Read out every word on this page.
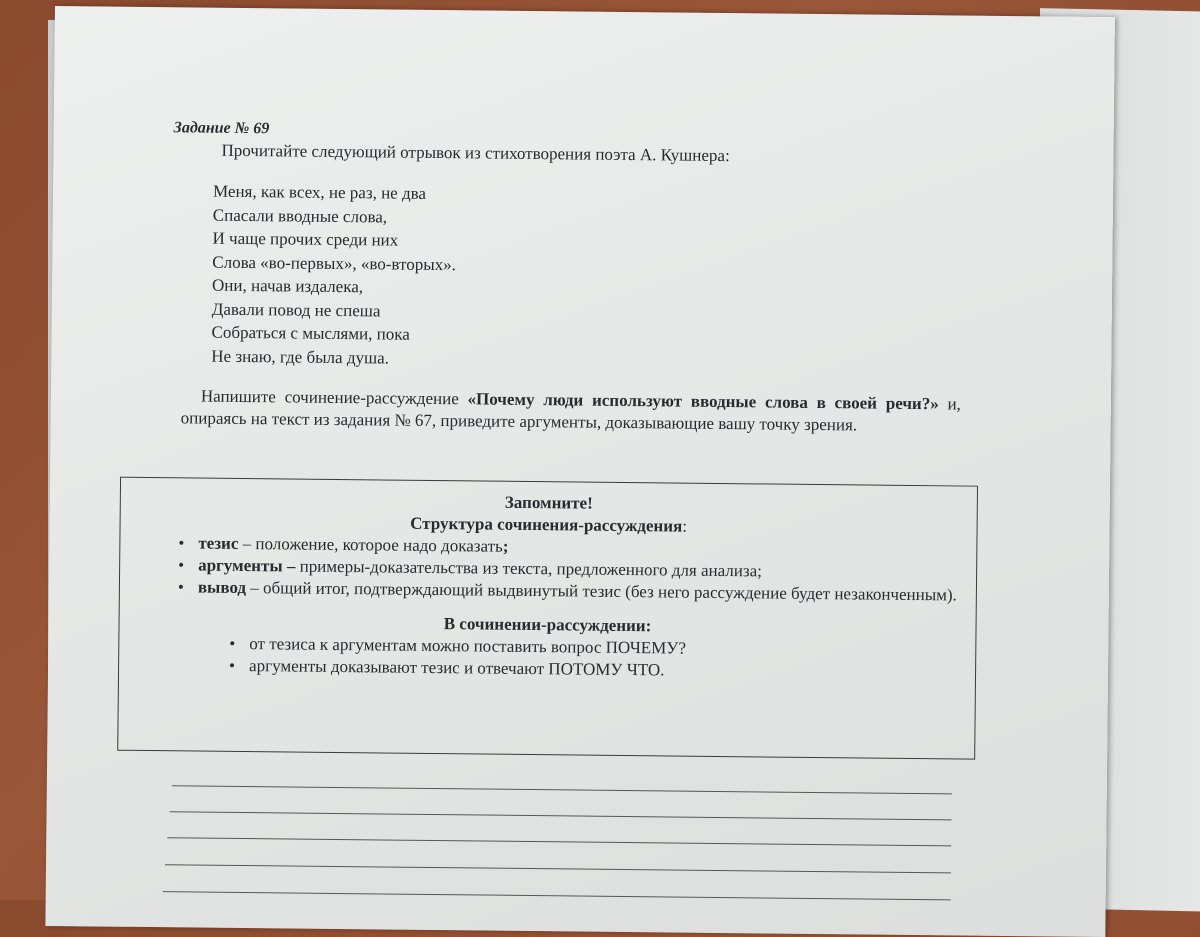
Задание № 69
Прочитайте следующий отрывок из стихотворения поэта А. Кушнера:
Меня, как всех, не раз, не два
Спасали вводные слова,
И чаще прочих среди них
Слова «во-первых», «во-вторых».
Они, начав издалека,
Давали повод не спеша
Собраться с мыслями, пока
Не знаю, где была душа.
Напишите сочинение-рассуждение «Почему люди используют вводные слова в своей речи?» и, опираясь на текст из задания № 67, приведите аргументы, доказывающие вашу точку зрения.
Запомните!
Структура сочинения-рассуждения:
• тезис – положение, которое надо доказать;
• аргументы – примеры-доказательства из текста, предложенного для анализа;
• вывод – общий итог, подтверждающий выдвинутый тезис (без него рассуждение будет незаконченным).
В сочинении-рассуждении:
• от тезиса к аргументам можно поставить вопрос ПОЧЕМУ?
• аргументы доказывают тезис и отвечают ПОТОМУ ЧТО.
